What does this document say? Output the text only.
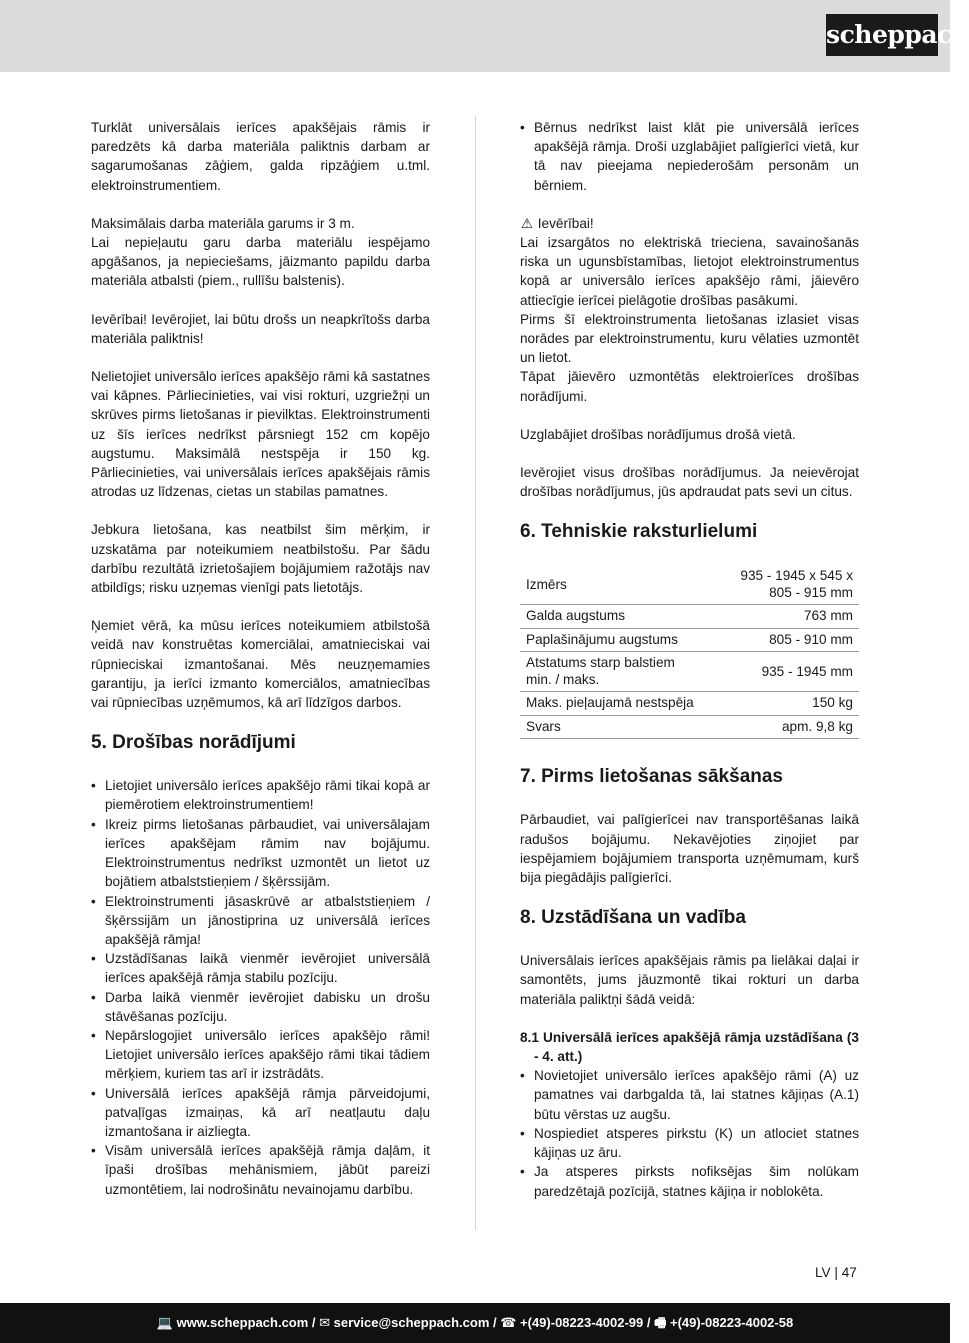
scheppach

Turklāt universālais ierīces apakšējais rāmis ir paredzēts kā darba materiāla paliktnis darbam ar sagarumošanas zāģiem, galda ripzāģiem u.tml. elektroinstrumentiem.

Maksimālais darba materiāla garums ir 3 m.

Lai nepieļautu garu darba materiālu iespējamo apgāšanos, ja nepieciešams, jāizmanto papildu darba materiāla atbalsti (piem., rullīšu balstenis).

Ievērībai! Ievērojiet, lai būtu drošs un neapkrītošs darba materiāla paliktnis!

Nelietojiet universālo ierīces apakšējo rāmi kā sastatnes vai kāpnes. Pārliecinieties, vai visi rokturi, uzgriežņi un skrūves pirms lietošanas ir pievilktas. Elektroinstrumenti uz šīs ierīces nedrīkst pārsniegt 152 cm kopējo augstumu. Maksimālā nestspēja ir 150 kg. Pārliecinieties, vai universālais ierīces apakšējais rāmis atrodas uz līdzenas, cietas un stabilas pamatnes.

Jebkura lietošana, kas neatbilst šim mērķim, ir uzskatāma par noteikumiem neatbilstošu. Par šādu darbību rezultātā izrietošajiem bojājumiem ražotājs nav atbildīgs; risku uzņemas vienīgi pats lietotājs.

Ņemiet vērā, ka mūsu ierīces noteikumiem atbilstošā veidā nav konstruētas komerciālai, amatnieciskai vai rūpnieciskai izmantošanai. Mēs neuzņemamies garantiju, ja ierīci izmanto komerciālos, amatniecības vai rūpniecības uzņēmumos, kā arī līdzīgos darbos.

5. Drošības norādījumi
• Lietojiet universālo ierīces apakšējo rāmi tikai kopā ar piemērotiem elektroinstrumentiem!
• Ikreiz pirms lietošanas pārbaudiet, vai universālajam ierīces apakšējam rāmim nav bojājumu. Elektroinstrumentus nedrīkst uzmontēt un lietot uz bojātiem atbalststieņiem / šķērssijām.
• Elektroinstrumenti jāsaskrūvē ar atbalststieņiem / šķērssijām un jānostiprina uz universālā ierīces apakšējā rāmja!
• Uzstādīšanas laikā vienmēr ievērojiet universālā ierīces apakšējā rāmja stabilu pozīciju.
• Darba laikā vienmēr ievērojiet dabisku un drošu stāvēšanas pozīciju.
• Nepārslogojiet universālo ierīces apakšējo rāmi! Lietojiet universālo ierīces apakšējo rāmi tikai tādiem mērķiem, kuriem tas arī ir izstrādāts.
• Universālā ierīces apakšējā rāmja pārveidojumi, patvaļīgas izmaiņas, kā arī neatļautu daļu izmantošana ir aizliegta.
• Visām universālā ierīces apakšējā rāmja daļām, it īpaši drošības mehānismiem, jābūt pareizi uzmontētiem, lai nodrošinātu nevainojamu darbību.
• Bērnus nedrīkst laist klāt pie universālā ierīces apakšējā rāmja. Droši uzglabājiet palīgierīci vietā, kur tā nav pieejama nepiederošām personām un bērniem.

⚠ Ievērībai!

Lai izsargātos no elektriskā trieciena, savainošanās riska un ugunsbīstamības, lietojot elektroinstrumentus kopā ar universālo ierīces apakšējo rāmi, jāievēro attiecīgie ierīcei pielāgotie drošības pasākumi.

Pirms šī elektroinstrumenta lietošanas izlasiet visas norādes par elektroinstrumentu, kuru vēlaties uzmontēt un lietot.

Tāpat jāievēro uzmontētās elektroierīces drošības norādījumi.

Uzglabājiet drošības norādījumus drošā vietā.

Ievērojiet visus drošības norādījumus. Ja neievērojat drošības norādījumus, jūs apdraudat pats sevi un citus.

6. Tehniskie raksturlielumi
Izmērs	935 - 1945 x 545 x 805 - 915 mm
Galda augstums	763 mm
Paplašinājumu augstums	805 - 910 mm
Atstatums starp balstiem min. / maks.	935 - 1945 mm
Maks. pieļaujamā nestspēja	150 kg
Svars	apm. 9,8 kg
7. Pirms lietošanas sākšanas

Pārbaudiet, vai palīgierīcei nav transportēšanas laikā radušos bojājumu. Nekavējoties ziņojiet par iespējamiem bojājumiem transporta uzņēmumam, kurš bija piegādājis palīgierīci.

8. Uzstādīšana un vadība

Universālais ierīces apakšējais rāmis pa lielākai daļai ir samontēts, jums jāuzmontē tikai rokturi un darba materiāla paliktņi šādā veidā:

8.1 Universālā ierīces apakšējā rāmja uzstādīšana (3 - 4. att.)

• Novietojiet universālo ierīces apakšējo rāmi (A) uz pamatnes vai darbgalda tā, lai statnes kājiņas (A.1) būtu vērstas uz augšu.
• Nospiediet atsperes pirkstu (K) un atlociet statnes kājiņas uz āru.
• Ja atsperes pirksts nofiksējas šim nolūkam paredzētajā pozīcijā, statnes kājiņa ir noblokēta.
LV | 47
💻 www.scheppach.com / ✉ service@scheppach.com / ☎ +(49)-08223-4002-99 / 🖷 +(49)-08223-4002-58
